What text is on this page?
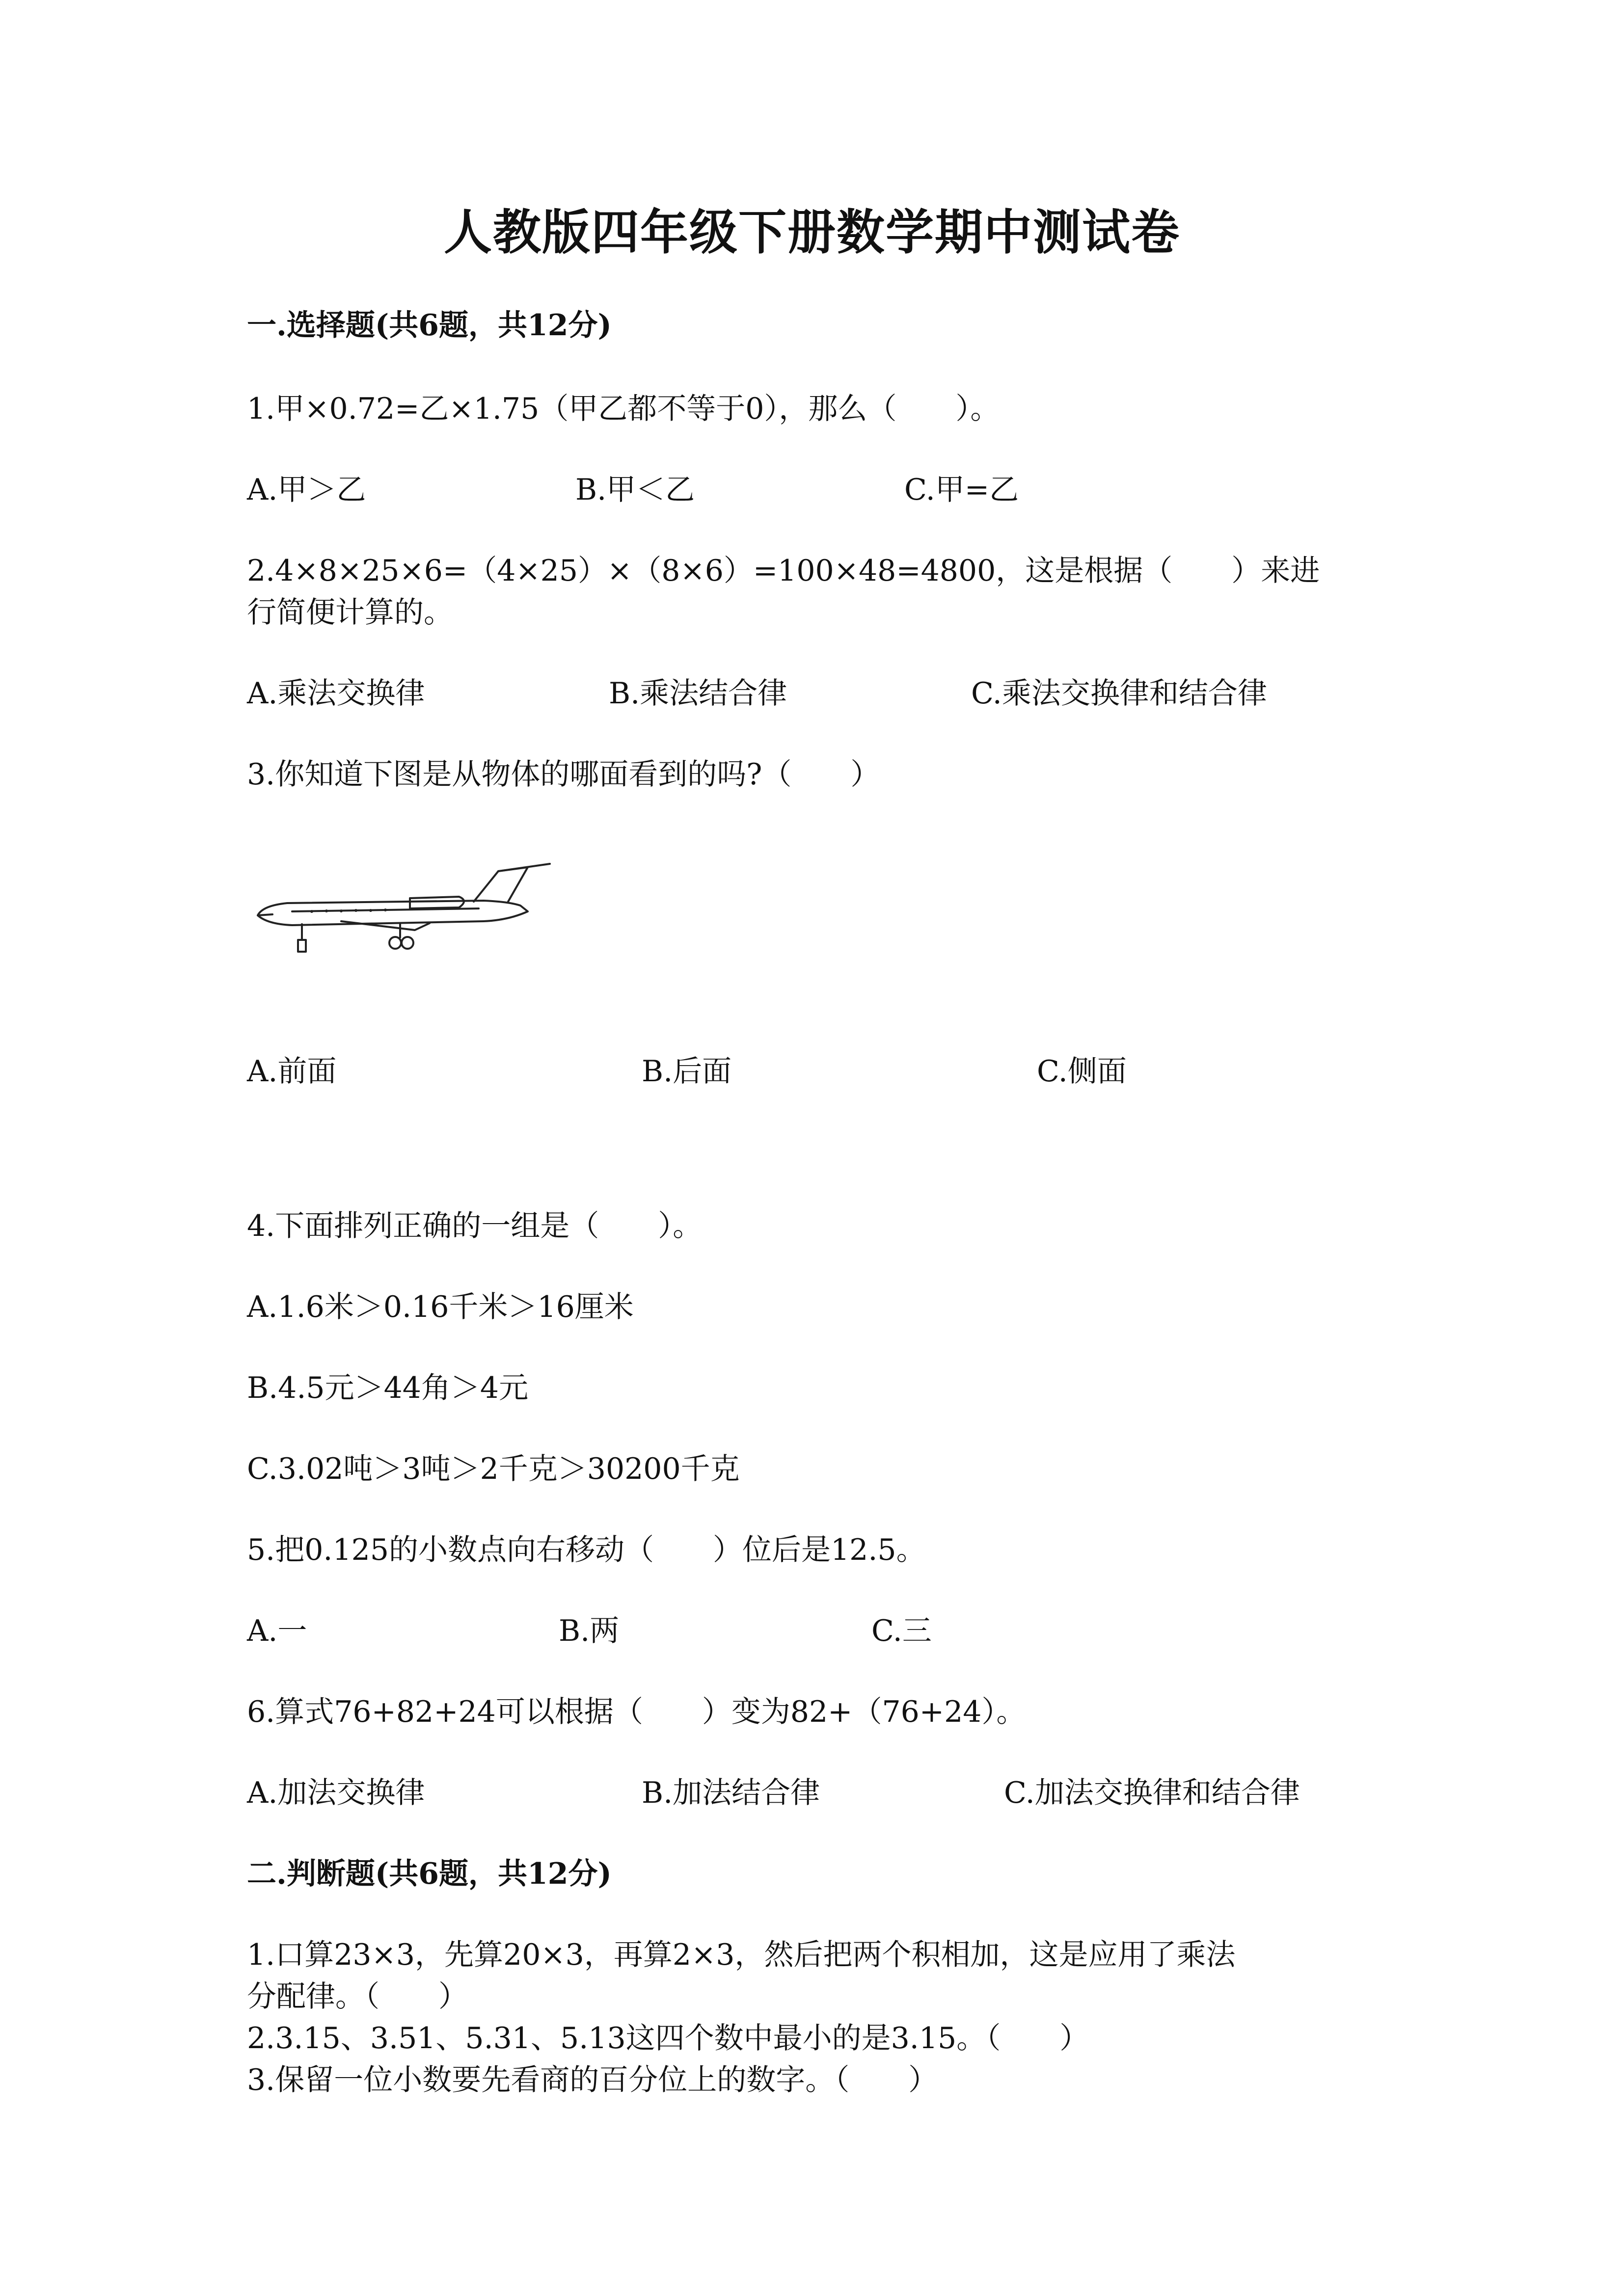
人教版四年级下册数学期中测试卷
一.选择题(共6题，共12分)
1.甲×0.72=乙×1.75（甲乙都不等于0），那么（　　）。
A.甲＞乙	B.甲＜乙	C.甲=乙
2.4×8×25×6=（4×25）×（8×6）=100×48=4800，这是根据（　　）来进
行简便计算的。
A.乘法交换律	B.乘法结合律	C.乘法交换律和结合律
3.你知道下图是从物体的哪面看到的吗?（　　）
A.前面	B.后面	C.侧面
4.下面排列正确的一组是（　　）。
A.1.6米＞0.16千米＞16厘米
B.4.5元＞44角＞4元
C.3.02吨＞3吨＞2千克＞30200千克
5.把0.125的小数点向右移动（　　）位后是12.5。
A.一	B.两	C.三
6.算式76+82+24可以根据（　　）变为82+（76+24）。
A.加法交换律	B.加法结合律	C.加法交换律和结合律
二.判断题(共6题，共12分)
1.口算23×3，先算20×3，再算2×3，然后把两个积相加，这是应用了乘法
分配律。（　　）
2.3.15、3.51、5.31、5.13这四个数中最小的是3.15。（　　）
3.保留一位小数要先看商的百分位上的数字。（　　）
